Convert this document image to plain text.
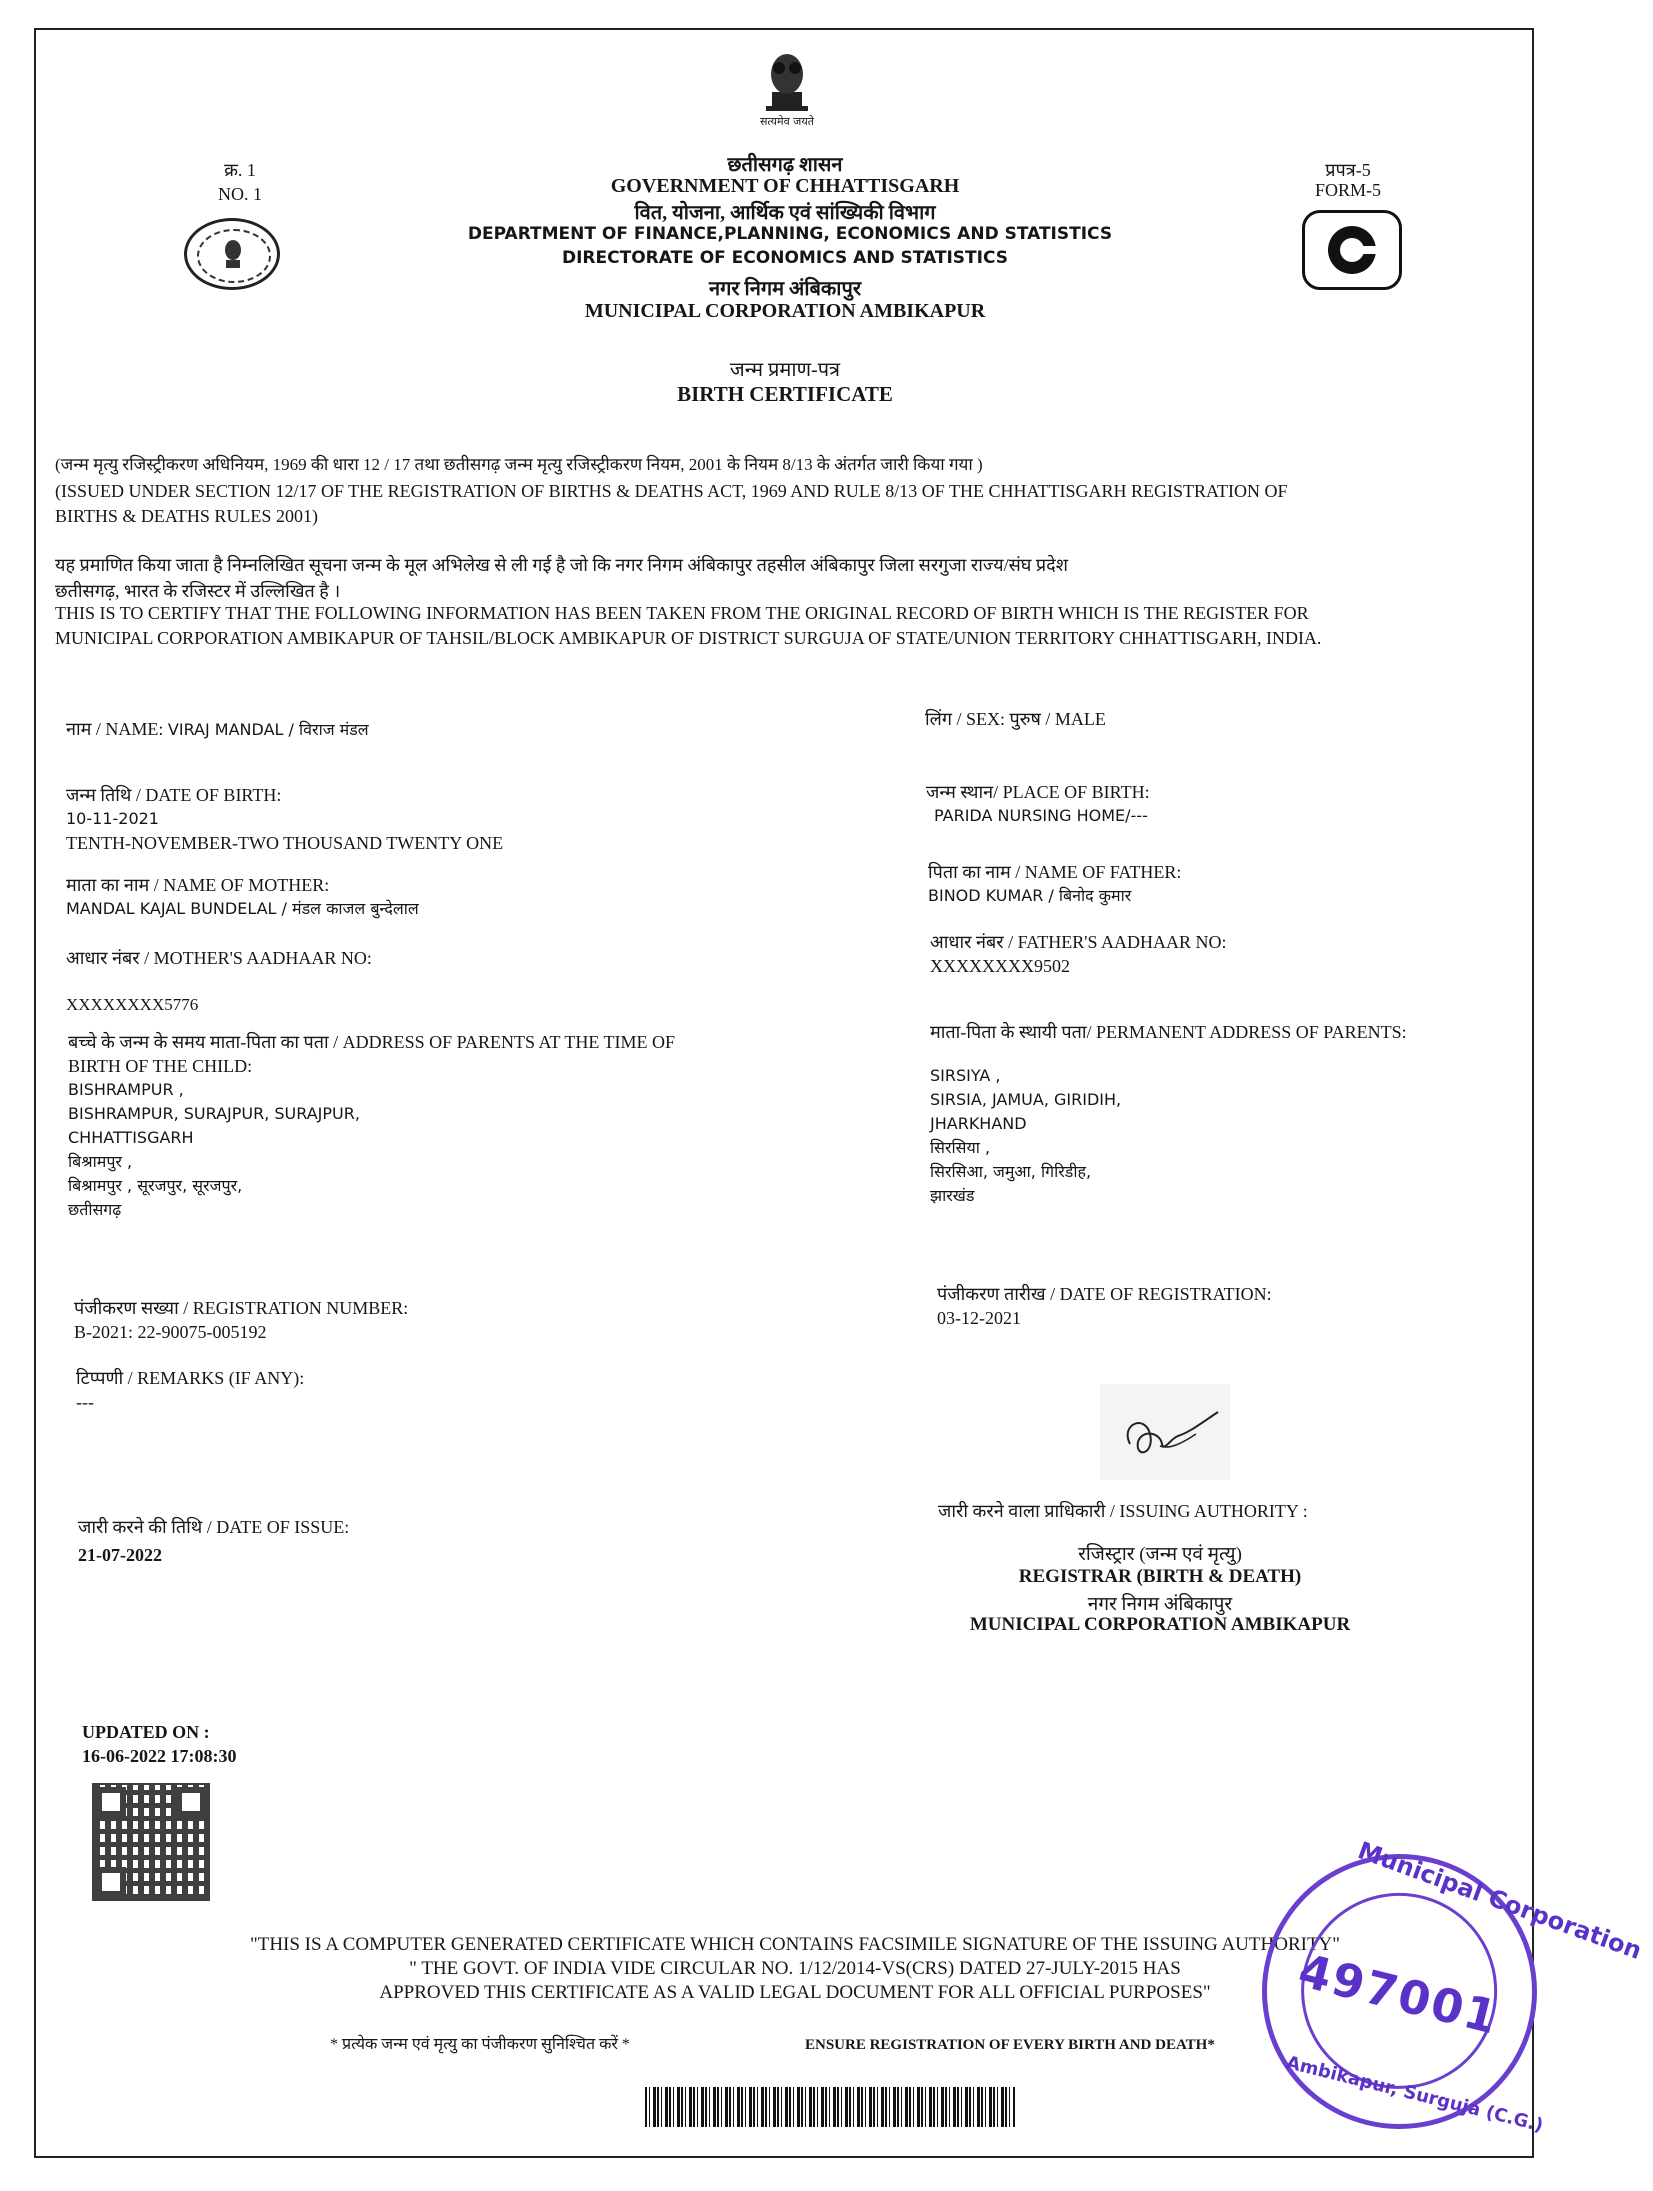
सत्यमेव जयते
क्र. 1
NO. 1
प्रपत्र-5
FORM-5
छतीसगढ़ शासन
GOVERNMENT OF CHHATTISGARH
वित, योजना, आर्थिक एवं सांख्यिकी विभाग
DEPARTMENT OF FINANCE,PLANNING, ECONOMICS AND STATISTICS
DIRECTORATE OF ECONOMICS AND STATISTICS
नगर निगम अंबिकापुर
MUNICIPAL CORPORATION AMBIKAPUR
जन्म प्रमाण-पत्र
BIRTH CERTIFICATE
(जन्म मृत्यु रजिस्ट्रीकरण अधिनियम, 1969 की धारा 12 / 17 तथा छतीसगढ़ जन्म मृत्यु रजिस्ट्रीकरण नियम, 2001 के नियम 8/13 के अंतर्गत जारी किया गया )
(ISSUED UNDER SECTION 12/17 OF THE REGISTRATION OF BIRTHS & DEATHS ACT, 1969 AND RULE 8/13 OF THE CHHATTISGARH REGISTRATION OF
BIRTHS & DEATHS RULES 2001)
यह प्रमाणित किया जाता है निम्नलिखित सूचना जन्म के मूल अभिलेख से ली गई है जो कि नगर निगम अंबिकापुर तहसील अंबिकापुर जिला सरगुजा राज्य/संघ प्रदेश
छतीसगढ़, भारत के रजिस्टर में उल्लिखित है ।
THIS IS TO CERTIFY THAT THE FOLLOWING INFORMATION HAS BEEN TAKEN FROM THE ORIGINAL RECORD OF BIRTH WHICH IS THE REGISTER FOR
MUNICIPAL CORPORATION AMBIKAPUR OF TAHSIL/BLOCK AMBIKAPUR OF DISTRICT SURGUJA OF STATE/UNION TERRITORY CHHATTISGARH, INDIA.
नाम / NAME: VIRAJ MANDAL / विराज मंडल
जन्म तिथि / DATE OF BIRTH:
10-11-2021
TENTH-NOVEMBER-TWO THOUSAND TWENTY ONE
माता का नाम / NAME OF MOTHER:
MANDAL KAJAL BUNDELAL / मंडल काजल बुन्देलाल
आधार नंबर / MOTHER'S AADHAAR NO:
XXXXXXXX5776
बच्चे के जन्म के समय माता-पिता का पता / ADDRESS OF PARENTS AT THE TIME OF
BIRTH OF THE CHILD:
BISHRAMPUR ,
BISHRAMPUR, SURAJPUR, SURAJPUR,
CHHATTISGARH
बिश्रामपुर ,
बिश्रामपुर , सूरजपुर, सूरजपुर,
छतीसगढ़
पंजीकरण सख्या / REGISTRATION NUMBER:
B-2021: 22-90075-005192
टिप्पणी / REMARKS (IF ANY):
---
जारी करने की तिथि / DATE OF ISSUE:
21-07-2022
UPDATED ON :
16-06-2022 17:08:30
लिंग / SEX: पुरुष / MALE
जन्म स्थान/ PLACE OF BIRTH:
PARIDA NURSING HOME/---
पिता का नाम / NAME OF FATHER:
BINOD KUMAR / बिनोद कुमार
आधार नंबर / FATHER'S AADHAAR NO:
XXXXXXXX9502
माता-पिता के स्थायी पता/ PERMANENT ADDRESS OF PARENTS:
SIRSIYA ,
SIRSIA, JAMUA, GIRIDIH,
JHARKHAND
सिरसिया ,
सिरसिआ, जमुआ, गिरिडीह,
झारखंड
पंजीकरण तारीख / DATE OF REGISTRATION:
03-12-2021
जारी करने वाला प्राधिकारी / ISSUING AUTHORITY :
रजिस्ट्रार (जन्म एवं मृत्यु)
REGISTRAR (BIRTH & DEATH)
नगर निगम अंबिकापुर
MUNICIPAL CORPORATION AMBIKAPUR
"THIS IS A COMPUTER GENERATED CERTIFICATE WHICH CONTAINS FACSIMILE SIGNATURE OF THE ISSUING AUTHORITY"
" THE GOVT. OF INDIA VIDE CIRCULAR NO. 1/12/2014-VS(CRS) DATED 27-JULY-2015 HAS
APPROVED THIS CERTIFICATE AS A VALID LEGAL DOCUMENT FOR ALL OFFICIAL PURPOSES"
* प्रत्येक जन्म एवं मृत्यु का पंजीकरण सुनिश्चित करें *	ENSURE REGISTRATION OF EVERY BIRTH AND DEATH*
Municipal Corporation
497001
Ambikapur, Surguja (C.G.)
